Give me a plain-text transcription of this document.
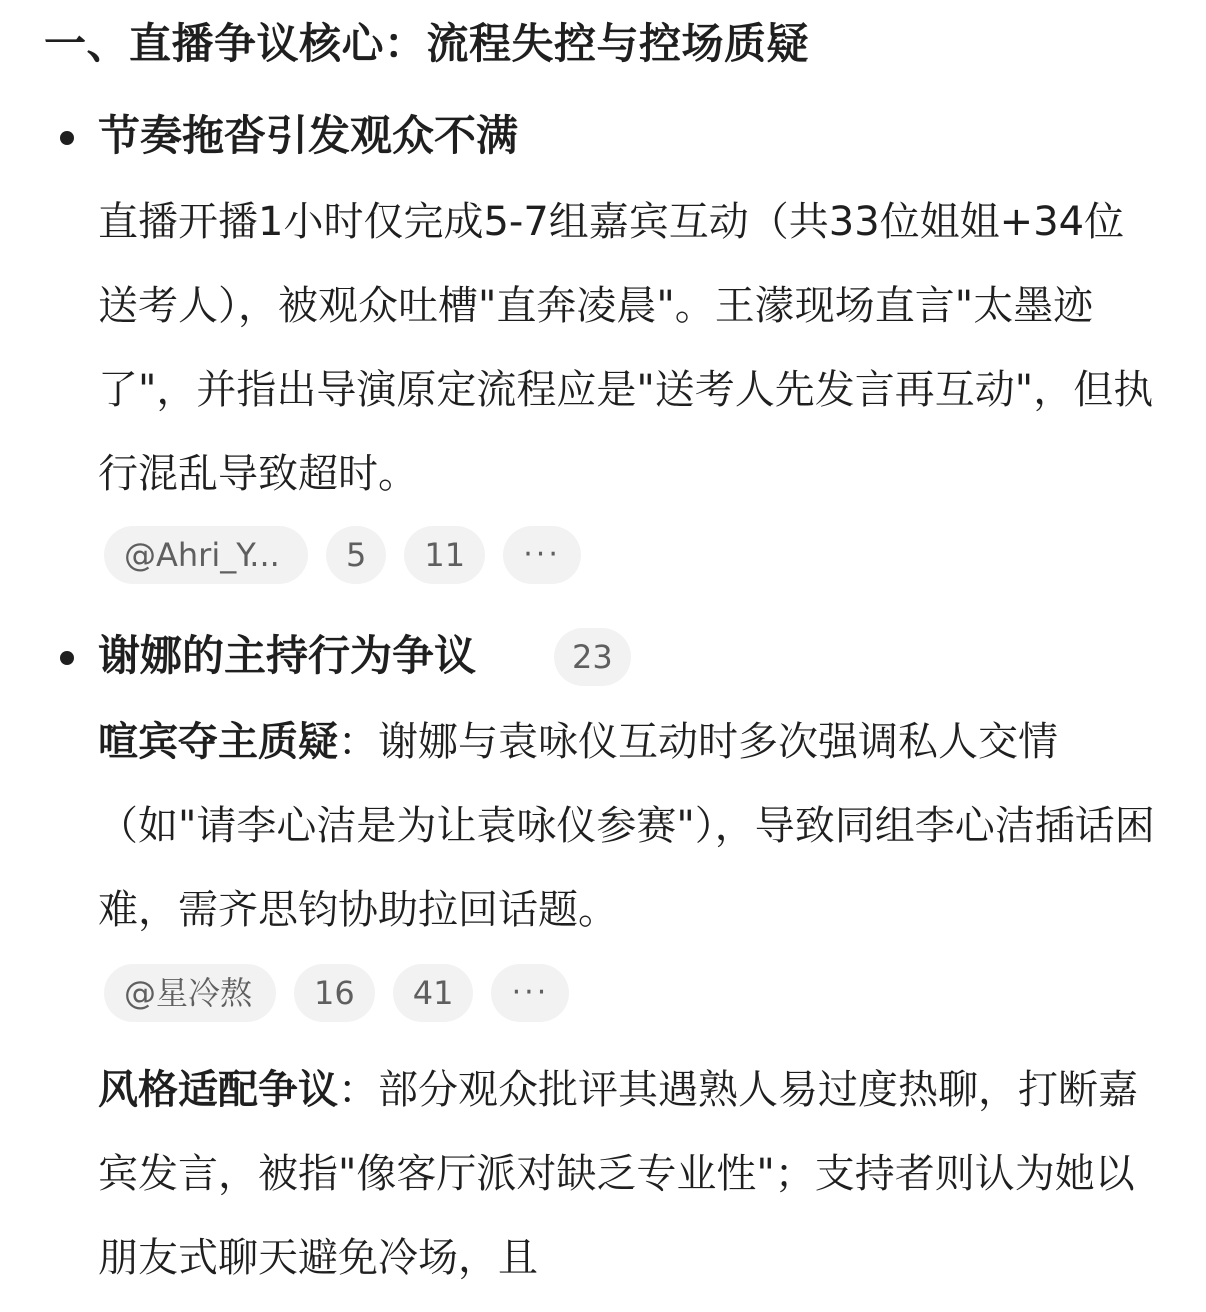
一、直播争议核心：流程失控与控场质疑
节奏拖沓引发观众不满
直播开播1小时仅完成5-7组嘉宾互动（共33位姐姐+34位送考人），被观众吐槽"直奔凌晨"。王濛现场直言"太墨迹了"，并指出导演原定流程应是"送考人先发言再互动"，但执行混乱导致超时。
@Ahri_Y...	5	11	···
谢娜的主持行为争议	23
喧宾夺主质疑：谢娜与袁咏仪互动时多次强调私人交情（如"请李心洁是为让袁咏仪参赛"），导致同组李心洁插话困难，需齐思钧协助拉回话题。
@星冷熬	16	41	···
风格适配争议：部分观众批评其遇熟人易过度热聊，打断嘉宾发言，被指"像客厅派对缺乏专业性"；支持者则认为她以朋友式聊天避免冷场，且
